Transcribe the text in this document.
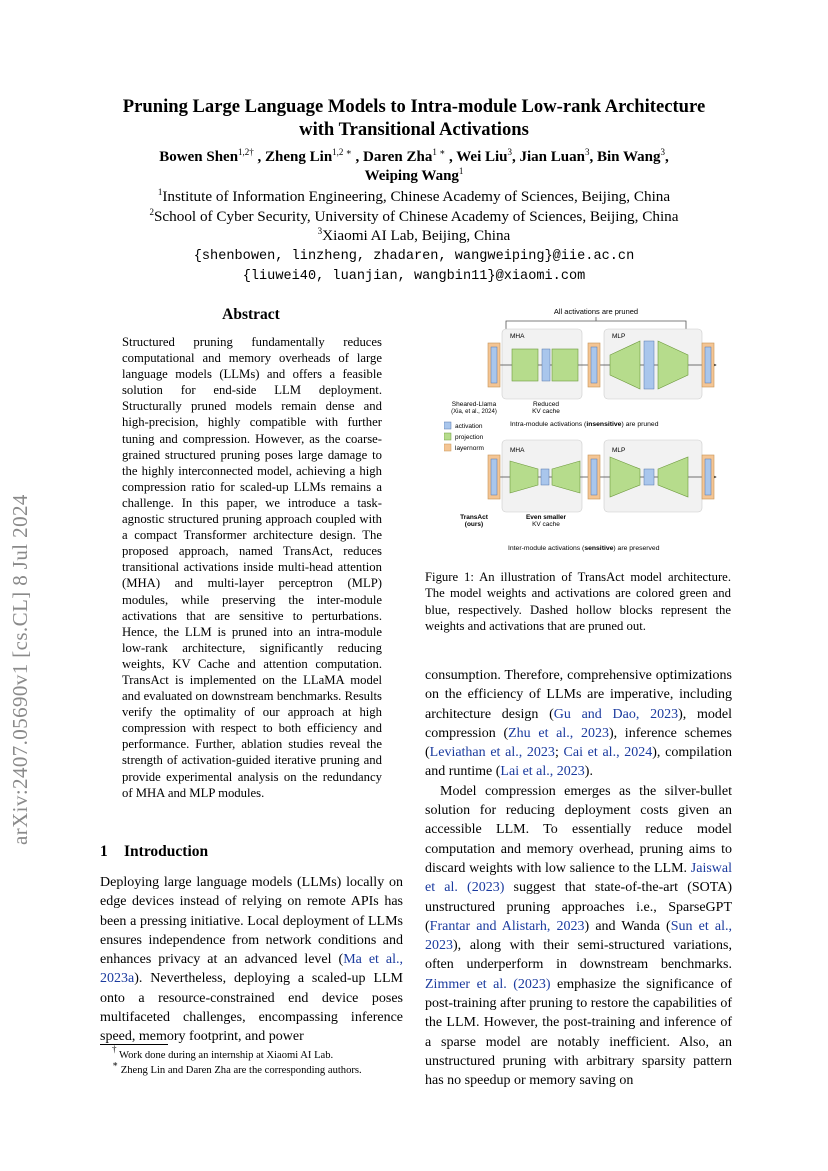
arXiv:2407.05690v1 [cs.CL] 8 Jul 2024
Pruning Large Language Models to Intra-module Low-rank Architecture
with Transitional Activations
Bowen Shen$^{1,2\dagger}$ , Zheng Lin$^{1,2 ∗}$ , Daren Zha$^{1 ∗}$ , Wei Liu$^3$, Jian Luan$^3$, Bin Wang$^3$,
Weiping Wang$^1$
$^1$Institute of Information Engineering, Chinese Academy of Sciences, Beijing, China
$^2$School of Cyber Security, University of Chinese Academy of Sciences, Beijing, China
$^3$Xiaomi AI Lab, Beijing, China
{shenbowen, linzheng, zhadaren, wangweiping}@iie.ac.cn
{liuwei40, luanjian, wangbin11}@xiaomi.com
Abstract
Structured pruning fundamentally reduces computational and memory overheads of large language models (LLMs) and offers a feasible solution for end-side LLM deployment. Structurally pruned models remain dense and high-precision, highly compatible with further tuning and compression. However, as the coarse-grained structured pruning poses large damage to the highly interconnected model, achieving a high compression ratio for scaled-up LLMs remains a challenge. In this paper, we introduce a task-agnostic structured pruning approach coupled with a compact Transformer architecture design. The proposed approach, named TransAct, reduces transitional activations inside multi-head attention (MHA) and multi-layer perceptron (MLP) modules, while preserving the inter-module activations that are sensitive to perturbations. Hence, the LLM is pruned into an intra-module low-rank architecture, significantly reducing weights, KV Cache and attention computation. TransAct is implemented on the LLaMA model and evaluated on downstream benchmarks. Results verify the optimality of our approach at high compression with respect to both efficiency and performance. Further, ablation studies reveal the strength of activation-guided iterative pruning and provide experimental analysis on the redundancy of MHA and MLP modules.
1 Introduction
Deploying large language models (LLMs) locally on edge devices instead of relying on remote APIs has been a pressing initiative. Local deployment of LLMs ensures independence from network conditions and enhances privacy at an advanced level (Ma et al., 2023a). Nevertheless, deploying a scaled-up LLM onto a resource-constrained end device poses multifaceted challenges, encompassing inference speed, memory footprint, and power
† Work done during an internship at Xiaomi AI Lab.
∗ Zheng Lin and Daren Zha are the corresponding authors.
All activations are pruned
MHA	MLP
Sheared-Llama
(Xia, et al., 2024)
Reduced
KV cache
activation
projection
layernorm
Intra-module activations (insensitive) are pruned
MHA	MLP
TransAct
(ours)
Even smaller
KV cache
Inter-module activations (sensitive) are preserved
Figure 1: An illustration of TransAct model architecture. The model weights and activations are colored green and blue, respectively. Dashed hollow blocks represent the weights and activations that are pruned out.

consumption. Therefore, comprehensive optimizations on the efficiency of LLMs are imperative, including architecture design (Gu and Dao, 2023), model compression (Zhu et al., 2023), inference schemes (Leviathan et al., 2023; Cai et al., 2024), compilation and runtime (Lai et al., 2023).

Model compression emerges as the silver-bullet solution for reducing deployment costs given an accessible LLM. To essentially reduce model computation and memory overhead, pruning aims to discard weights with low salience to the LLM. Jaiswal et al. (2023) suggest that state-of-the-art (SOTA) unstructured pruning approaches i.e., SparseGPT (Frantar and Alistarh, 2023) and Wanda (Sun et al., 2023), along with their semi-structured variations, often underperform in downstream benchmarks. Zimmer et al. (2023) emphasize the significance of post-training after pruning to restore the capabilities of the LLM. However, the post-training and inference of a sparse model are notably inefficient. Also, an unstructured pruning with arbitrary sparsity pattern has no speedup or memory saving on
